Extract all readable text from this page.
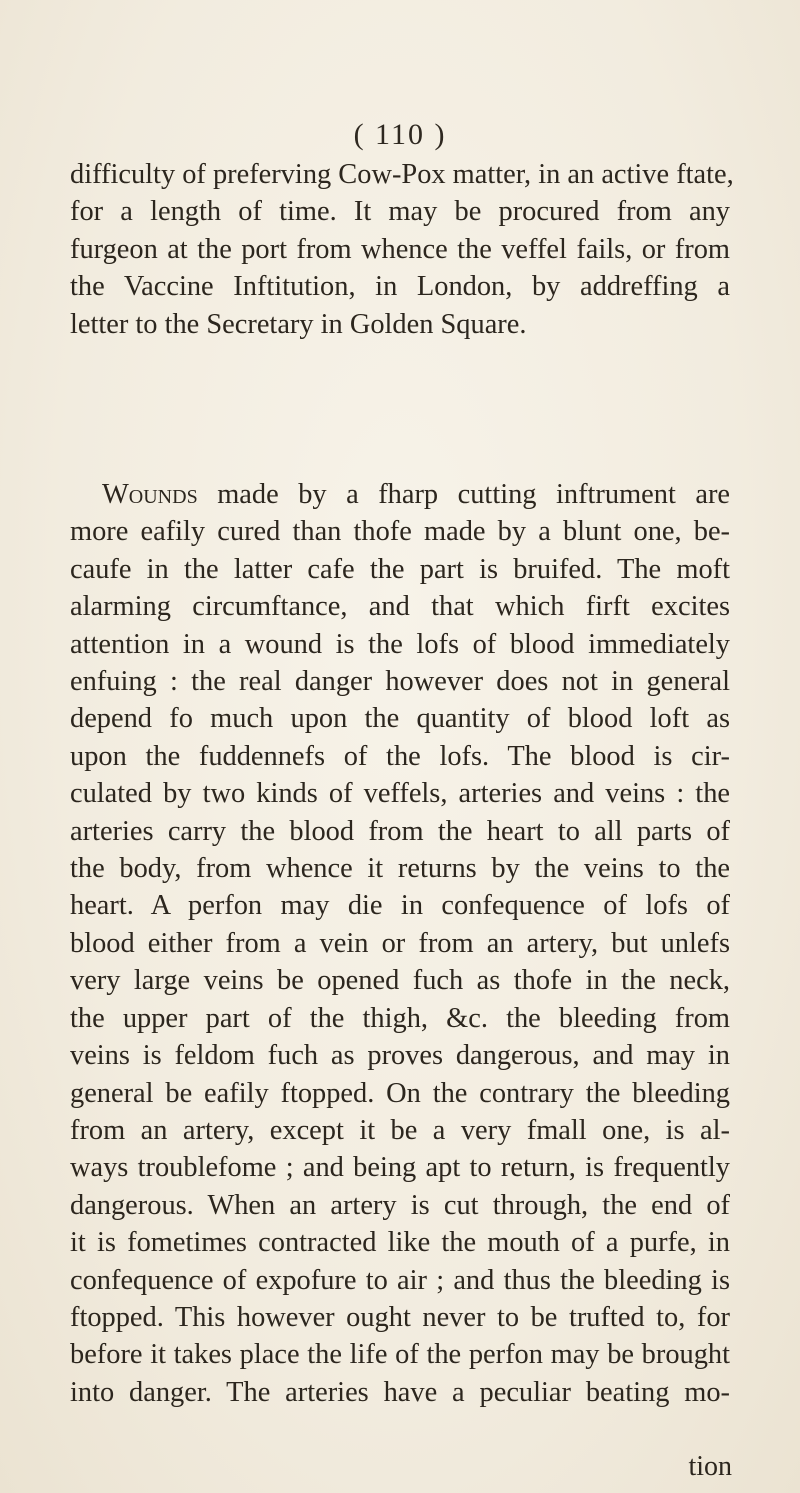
( 110 )
difficulty of preferving Cow-Pox matter, in an active ftate,
for a length of time. It may be procured from any
furgeon at the port from whence the veffel fails, or from
the Vaccine Inftitution, in London, by addreffing a
letter to the Secretary in Golden Square.
Wounds made by a fharp cutting inftrument are
more eafily cured than thofe made by a blunt one, be-
caufe in the latter cafe the part is bruifed. The moft
alarming circumftance, and that which firft excites
attention in a wound is the lofs of blood immediately
enfuing : the real danger however does not in general
depend fo much upon the quantity of blood loft as
upon the fuddennefs of the lofs. The blood is cir-
culated by two kinds of veffels, arteries and veins : the
arteries carry the blood from the heart to all parts of
the body, from whence it returns by the veins to the
heart. A perfon may die in confequence of lofs of
blood either from a vein or from an artery, but unlefs
very large veins be opened fuch as thofe in the neck,
the upper part of the thigh, &c. the bleeding from
veins is feldom fuch as proves dangerous, and may in
general be eafily ftopped. On the contrary the bleeding
from an artery, except it be a very fmall one, is al-
ways troublefome ; and being apt to return, is frequently
dangerous. When an artery is cut through, the end of
it is fometimes contracted like the mouth of a purfe, in
confequence of expofure to air ; and thus the bleeding is
ftopped. This however ought never to be trufted to, for
before it takes place the life of the perfon may be brought
into danger. The arteries have a peculiar beating mo-
tion
